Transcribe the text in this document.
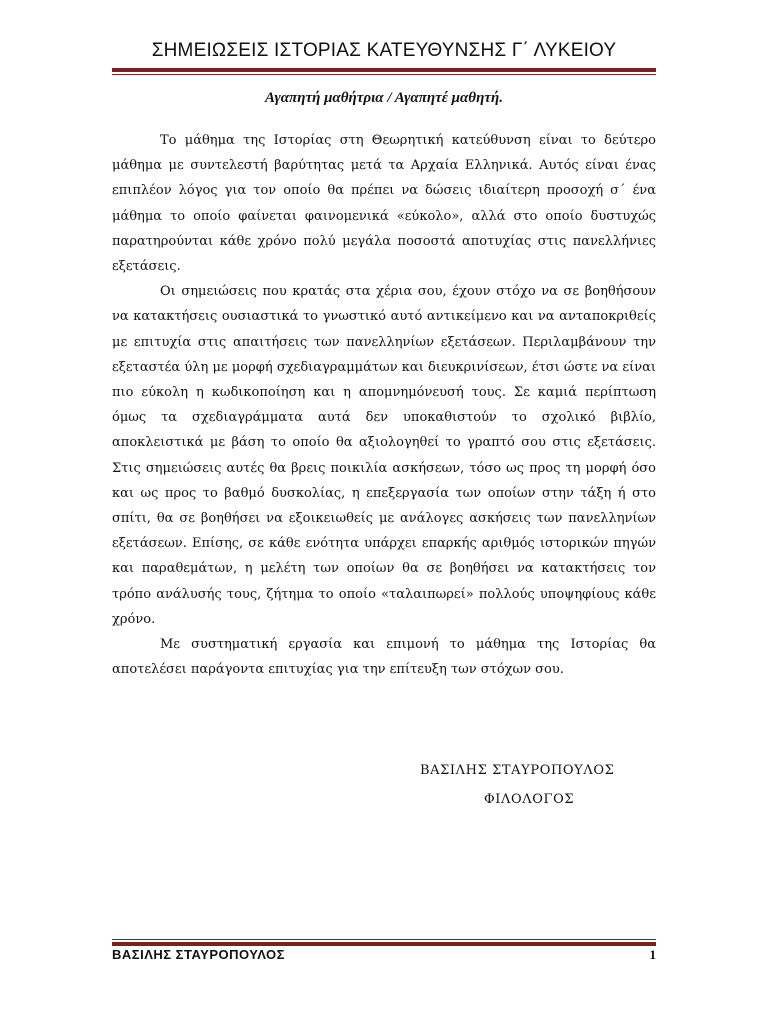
ΣΗΜΕΙΩΣΕΙΣ ΙΣΤΟΡΙΑΣ ΚΑΤΕΥΘΥΝΣΗΣ Γ΄ ΛΥΚΕΙΟΥ
Αγαπητή μαθήτρια / Αγαπητέ μαθητή.

Το μάθημα της Ιστορίας στη Θεωρητική κατεύθυνση είναι το δεύτερο μάθημα με συντελεστή βαρύτητας μετά τα Αρχαία Ελληνικά. Αυτός είναι ένας επιπλέον λόγος για τον οποίο θα πρέπει να δώσεις ιδιαίτερη προσοχή σ΄ ένα μάθημα το οποίο φαίνεται φαινομενικά «εύκολο», αλλά στο οποίο δυστυχώς παρατηρούνται κάθε χρόνο πολύ μεγάλα ποσοστά αποτυχίας στις πανελλήνιες εξετάσεις.

Οι σημειώσεις που κρατάς στα χέρια σου, έχουν στόχο να σε βοηθήσουν να κατακτήσεις ουσιαστικά το γνωστικό αυτό αντικείμενο και να ανταποκριθείς με επιτυχία στις απαιτήσεις των πανελληνίων εξετάσεων. Περιλαμβάνουν την εξεταστέα ύλη με μορφή σχεδιαγραμμάτων και διευκρινίσεων, έτσι ώστε να είναι πιο εύκολη η κωδικοποίηση και η απομνημόνευσή τους. Σε καμιά περίπτωση όμως τα σχεδιαγράμματα αυτά δεν υποκαθιστούν το σχολικό βιβλίο, αποκλειστικά με βάση το οποίο θα αξιολογηθεί το γραπτό σου στις εξετάσεις. Στις σημειώσεις αυτές θα βρεις ποικιλία ασκήσεων, τόσο ως προς τη μορφή όσο και ως προς το βαθμό δυσκολίας, η επεξεργασία των οποίων στην τάξη ή στο σπίτι, θα σε βοηθήσει να εξοικειωθείς με ανάλογες ασκήσεις των πανελληνίων εξετάσεων. Επίσης, σε κάθε ενότητα υπάρχει επαρκής αριθμός ιστορικών πηγών και παραθεμάτων, η μελέτη των οποίων θα σε βοηθήσει να κατακτήσεις τον τρόπο ανάλυσής τους, ζήτημα το οποίο «ταλαιπωρεί» πολλούς υποψηφίους κάθε χρόνο.

Με συστηματική εργασία και επιμονή το μάθημα της Ιστορίας θα αποτελέσει παράγοντα επιτυχίας για την επίτευξη των στόχων σου.

ΒΑΣΙΛΗΣ ΣΤΑΥΡΟΠΟΥΛΟΣ
ΦΙΛΟΛΟΓΟΣ
ΒΑΣΙΛΗΣ ΣΤΑΥΡΟΠΟΥΛΟΣ	1
